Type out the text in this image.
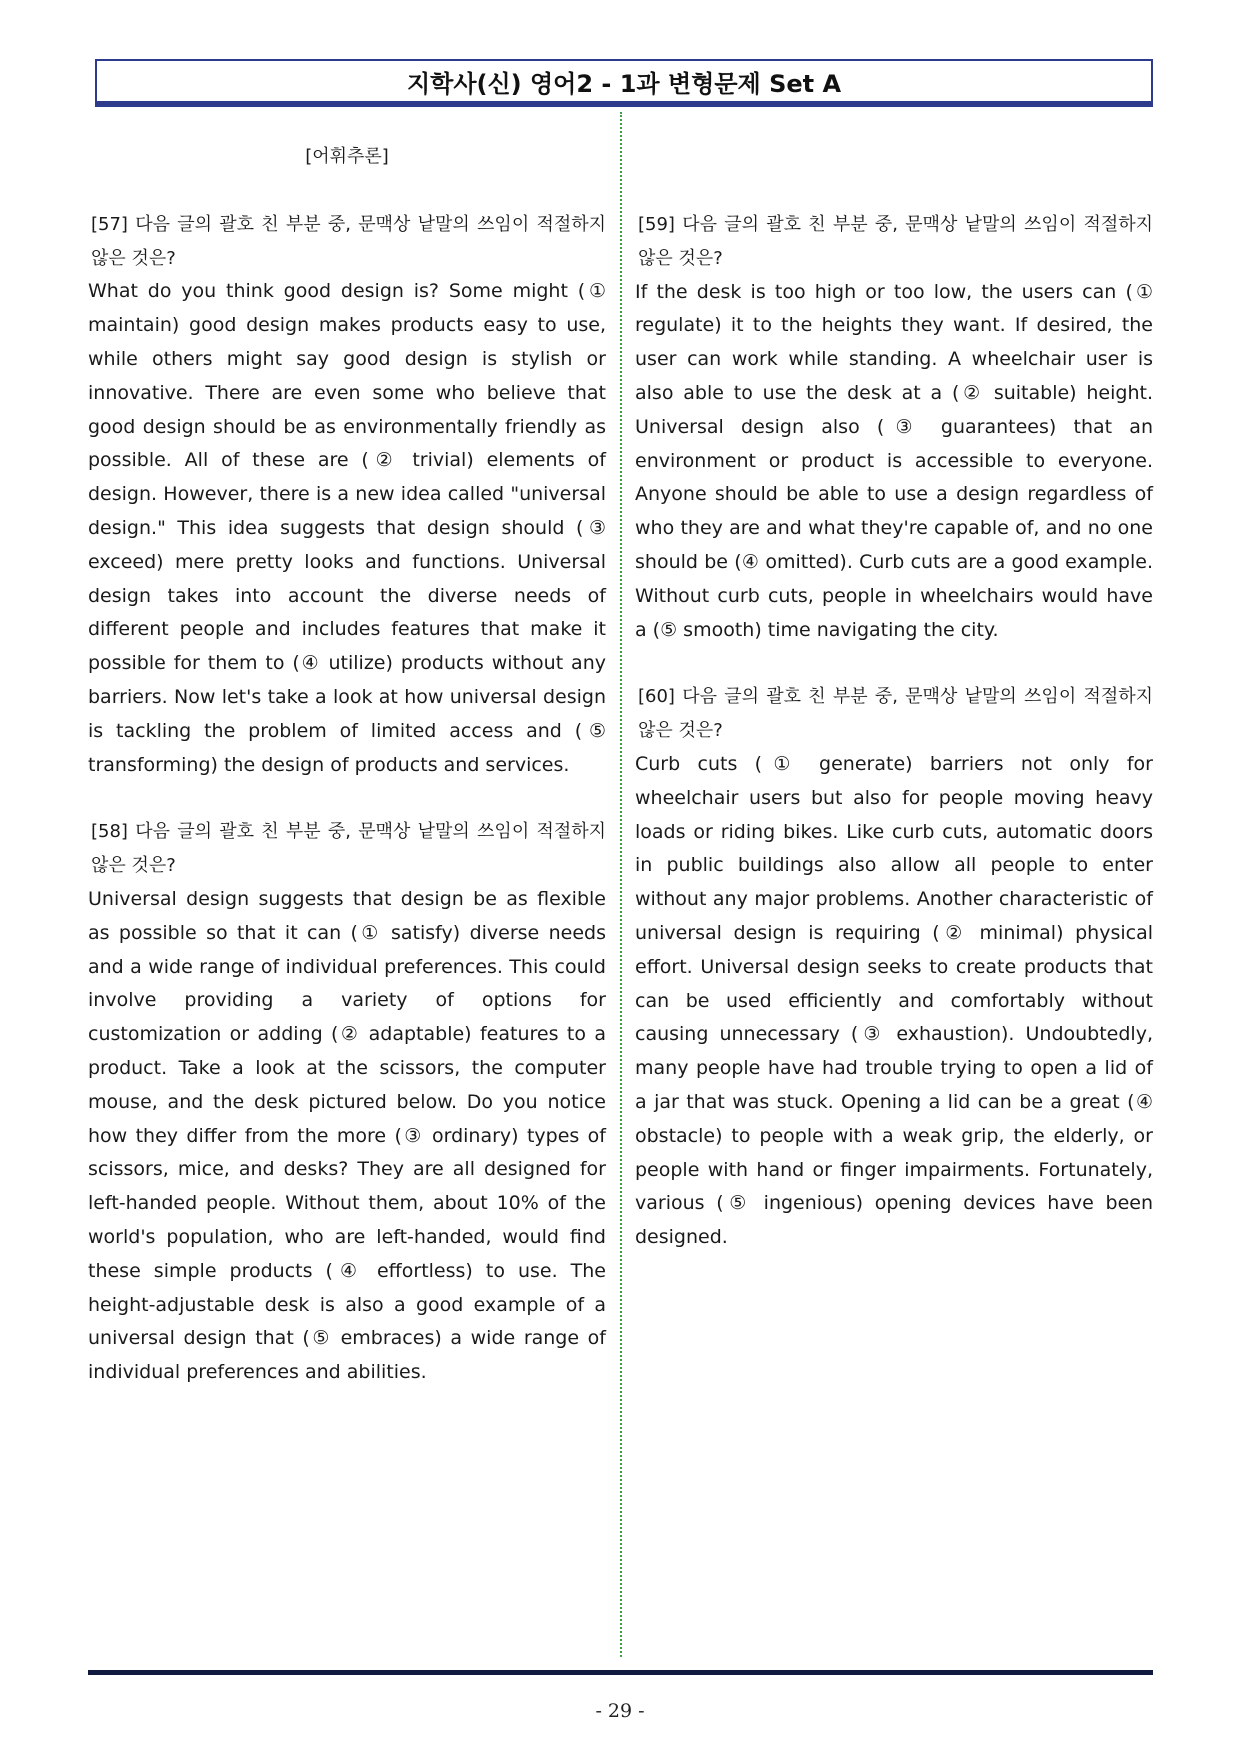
지학사(신) 영어2 - 1과 변형문제 Set A
[어휘추론]
[57] 다음 글의 괄호 친 부분 중, 문맥상 낱말의 쓰임이 적절하지 않은 것은?

What do you think good design is? Some might (① maintain) good design makes products easy to use, while others might say good design is stylish or innovative. There are even some who believe that good design should be as environmentally friendly as possible. All of these are (② trivial) elements of design. However, there is a new idea called "universal design." This idea suggests that design should (③ exceed) mere pretty looks and functions. Universal design takes into account the diverse needs of different people and includes features that make it possible for them to (④ utilize) products without any barriers. Now let's take a look at how universal design is tackling the problem of limited access and (⑤ transforming) the design of products and services.

[58] 다음 글의 괄호 친 부분 중, 문맥상 낱말의 쓰임이 적절하지 않은 것은?

Universal design suggests that design be as flexible as possible so that it can (① satisfy) diverse needs and a wide range of individual preferences. This could involve providing a variety of options for customization or adding (② adaptable) features to a product. Take a look at the scissors, the computer mouse, and the desk pictured below. Do you notice how they differ from the more (③ ordinary) types of scissors, mice, and desks? They are all designed for left-handed people. Without them, about 10% of the world's population, who are left-handed, would find these simple products (④ effortless) to use. The height-adjustable desk is also a good example of a universal design that (⑤ embraces) a wide range of individual preferences and abilities.

[59] 다음 글의 괄호 친 부분 중, 문맥상 낱말의 쓰임이 적절하지 않은 것은?

If the desk is too high or too low, the users can (① regulate) it to the heights they want. If desired, the user can work while standing. A wheelchair user is also able to use the desk at a (② suitable) height. Universal design also (③ guarantees) that an environment or product is accessible to everyone. Anyone should be able to use a design regardless of who they are and what they're capable of, and no one should be (④ omitted). Curb cuts are a good example. Without curb cuts, people in wheelchairs would have a (⑤ smooth) time navigating the city.

[60] 다음 글의 괄호 친 부분 중, 문맥상 낱말의 쓰임이 적절하지 않은 것은?

Curb cuts (① generate) barriers not only for wheelchair users but also for people moving heavy loads or riding bikes. Like curb cuts, automatic doors in public buildings also allow all people to enter without any major problems. Another characteristic of universal design is requiring (② minimal) physical effort. Universal design seeks to create products that can be used efficiently and comfortably without causing unnecessary (③ exhaustion). Undoubtedly, many people have had trouble trying to open a lid of a jar that was stuck. Opening a lid can be a great (④ obstacle) to people with a weak grip, the elderly, or people with hand or finger impairments. Fortunately, various (⑤ ingenious) opening devices have been designed.

- 29 -
